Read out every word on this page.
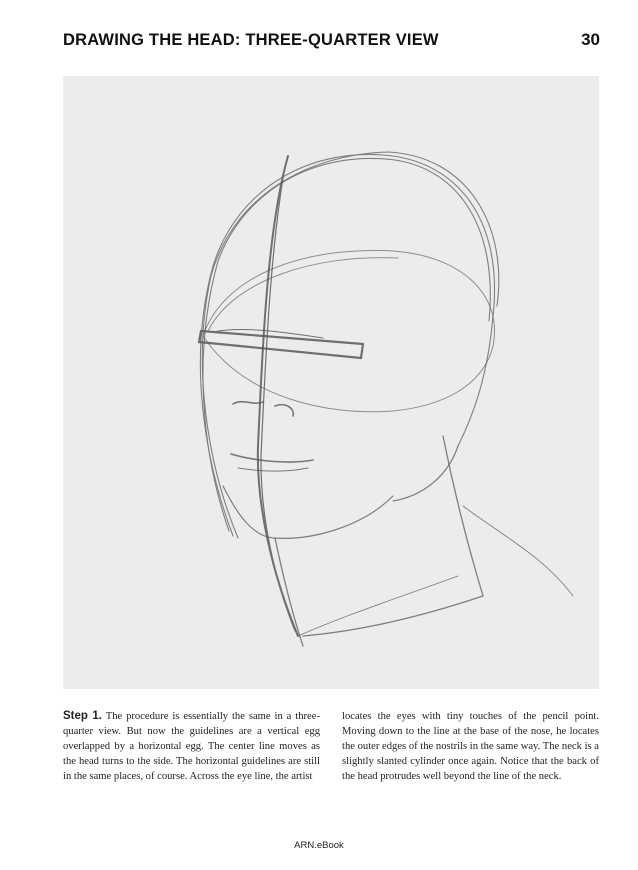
DRAWING THE HEAD: THREE-QUARTER VIEW	30

Step 1. The procedure is essentially the same in a three-quarter view. But now the guidelines are a vertical egg overlapped by a horizontal egg. The center line moves as the head turns to the side. The horizontal guidelines are still in the same places, of course. Across the eye line, the artist

locates the eyes with tiny touches of the pencil point. Moving down to the line at the base of the nose, he locates the outer edges of the nostrils in the same way. The neck is a slightly slanted cylinder once again. Notice that the back of the head protrudes well beyond the line of the neck.

ARN.eBook
